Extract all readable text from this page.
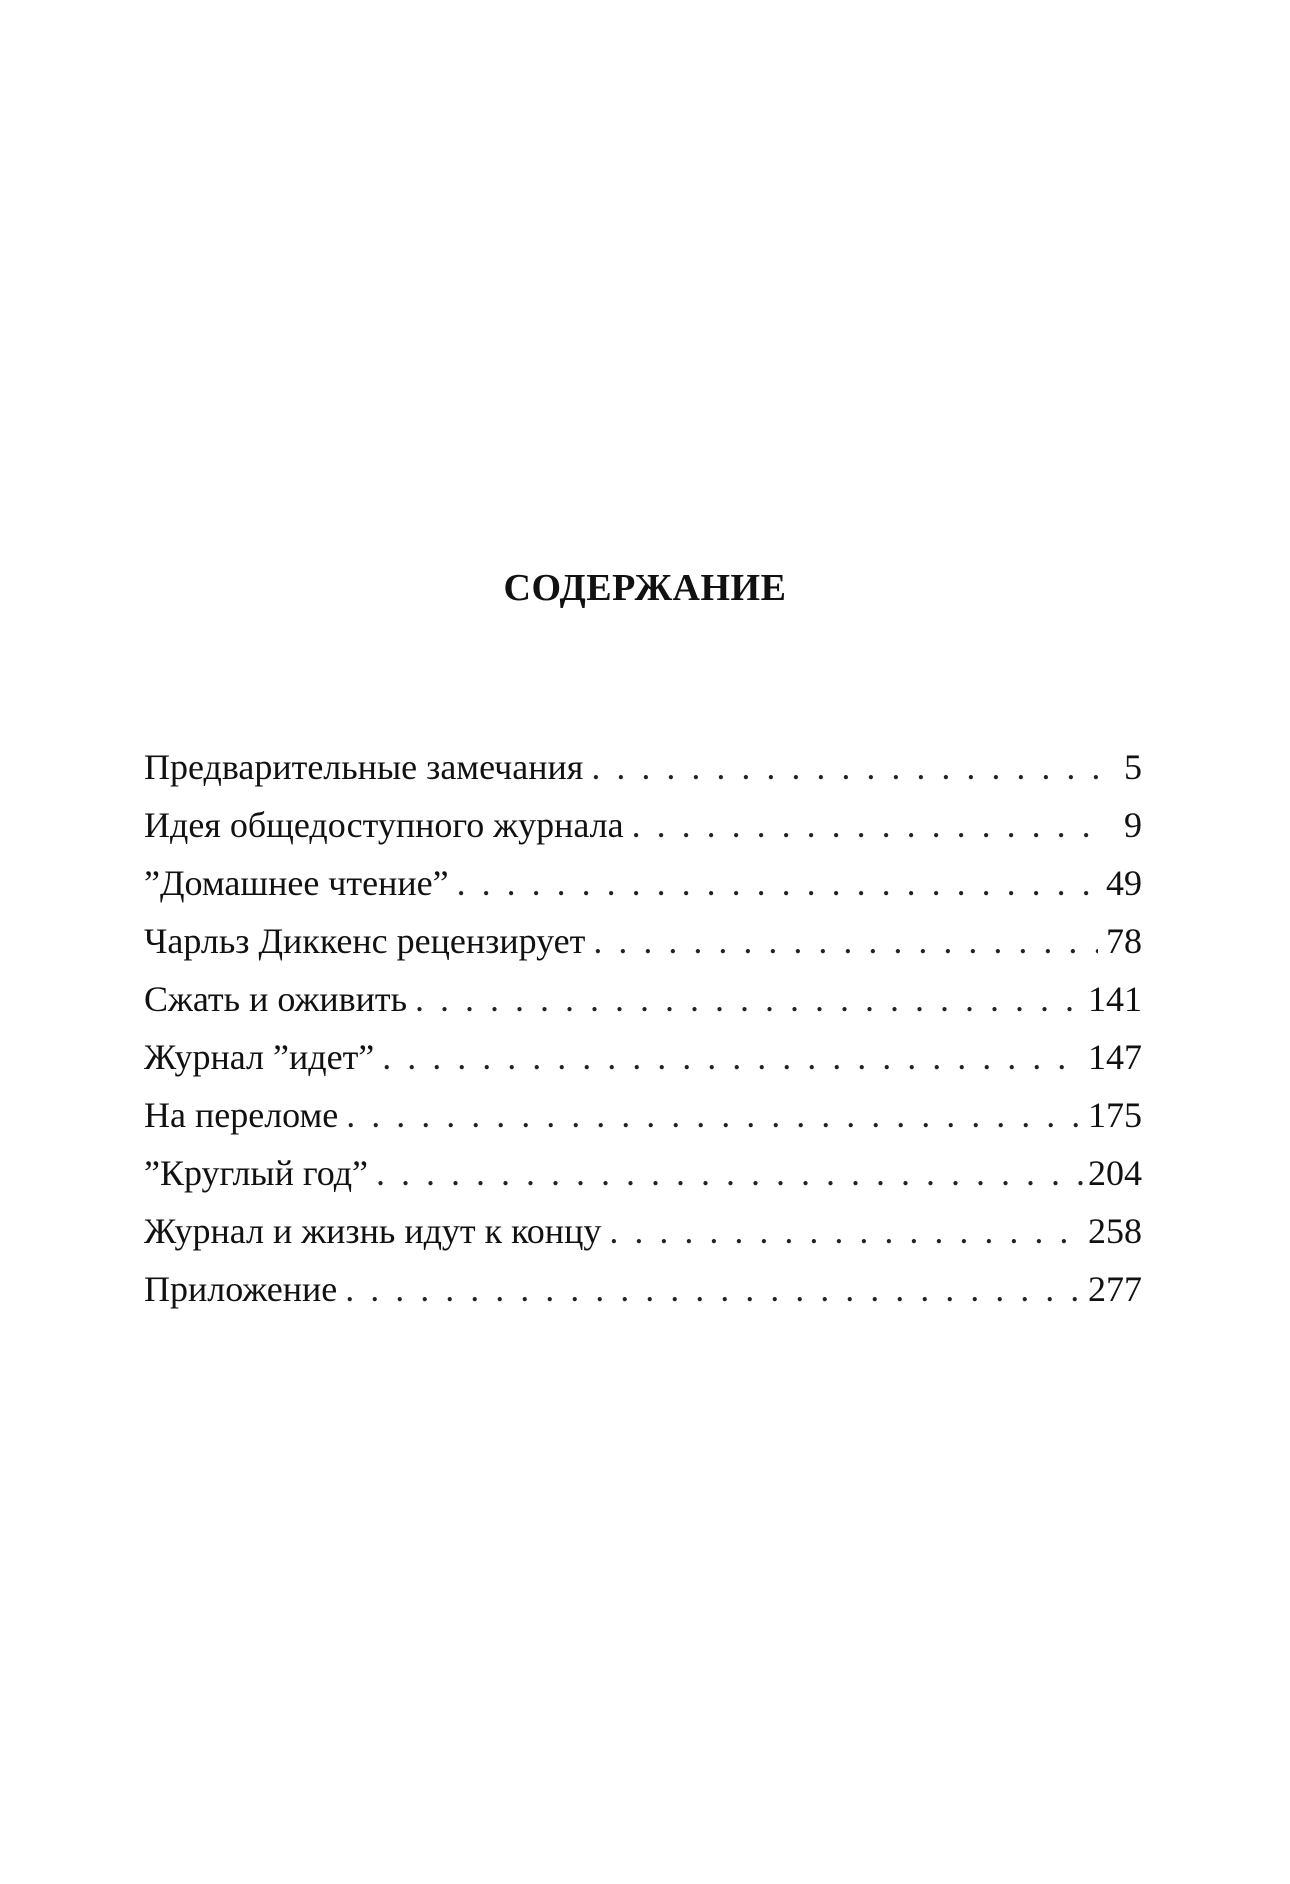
СОДЕРЖАНИЕ
Предварительные замечания . . .	5
Идея общедоступного журнала . . .	9
”Домашнее чтение” . . .	49
Чарльз Диккенс рецензирует . . .	78
Сжать и оживить . . .	141
Журнал ”идет” . . .	147
На переломе . . .	175
”Круглый год” . . .	204
Журнал и жизнь идут к концу . . .	258
Приложение . . .	277
